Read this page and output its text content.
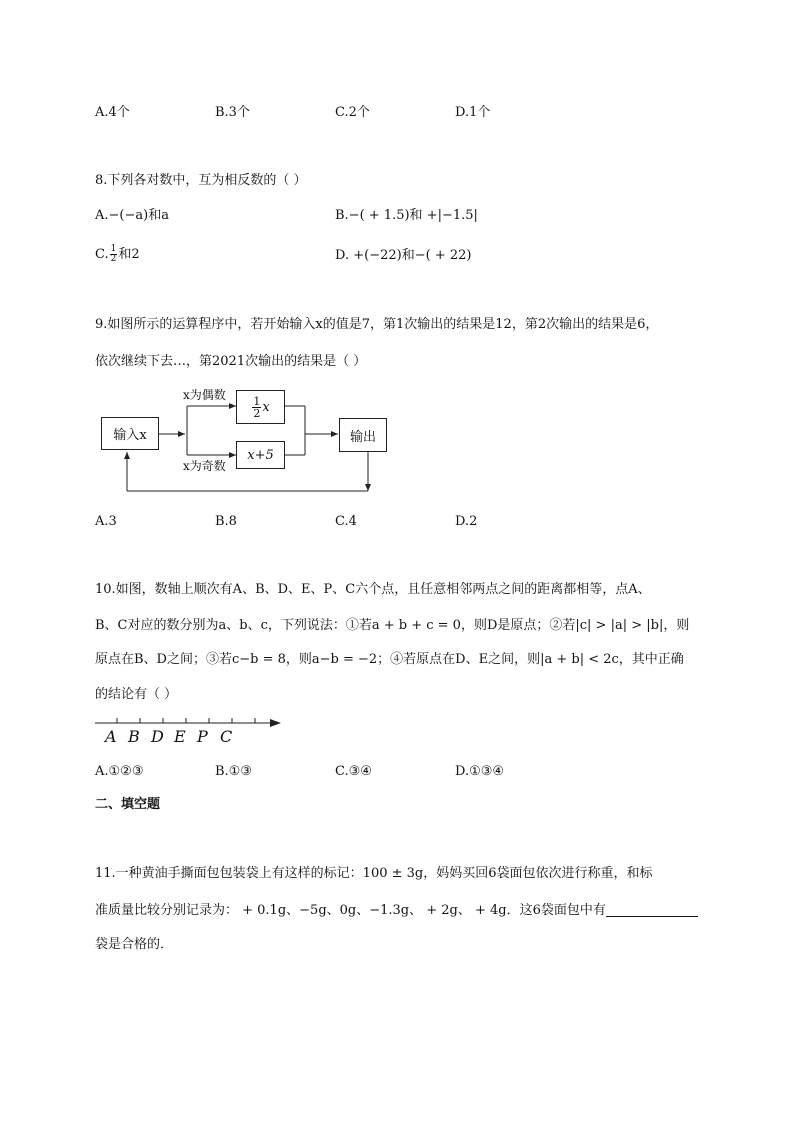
A.4个	B.3个	C.2个	D.1个
8.下列各对数中，互为相反数的（ ）
A.−(−a)和a	B.−( + 1.5)和 +|−1.5|
C. $\frac{1}{2}$ 和2	D. +(−22)和−( + 22)
9.如图所示的运算程序中，若开始输入x的值是7，第1次输出的结果是12，第2次输出的结果是6，
依次继续下去…，第2021次输出的结果是（ ）
输入x
x为偶数
$\frac{1}{2}$ x
x+5
x为奇数
输出
A.3	B.8	C.4	D.2
10.如图，数轴上顺次有A、B、D、E、P、C六个点，且任意相邻两点之间的距离都相等，点A、
B、C对应的数分别为a、b、c，下列说法：①若a + b + c = 0，则D是原点；②若|c| > |a| > |b|，则
原点在B、D之间；③若c−b = 8，则a−b = −2；④若原点在D、E之间，则|a + b| < 2c，其中正确
的结论有（ ）
A B D E P C
A.①②③	B.①③	C.③④	D.①③④
二、填空题
11.一种黄油手撕面包包装袋上有这样的标记：100 ± 3g，妈妈买回6袋面包依次进行称重，和标
准质量比较分别记录为： + 0.1g、−5g、0g、−1.3g、 + 2g、 + 4g．这6袋面包中有
袋是合格的．
